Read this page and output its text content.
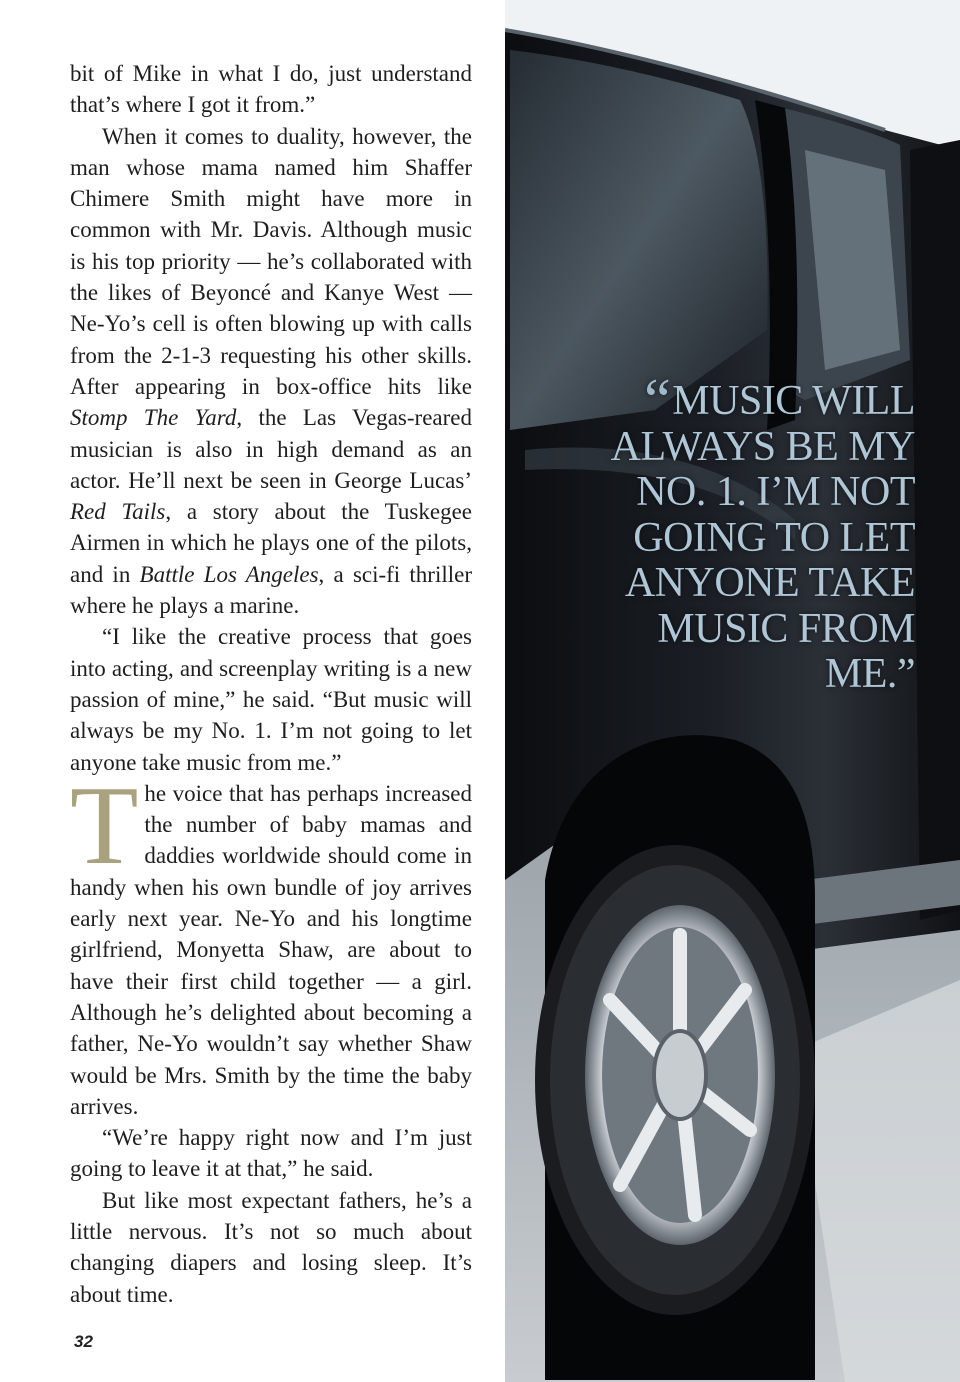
bit of Mike in what I do, just understand that’s where I got it from.”

When it comes to duality, however, the man whose mama named him Shaffer Chimere Smith might have more in common with Mr. Davis. Although music is his top priority — he’s collaborated with the likes of Beyoncé and Kanye West — Ne-Yo’s cell is often blowing up with calls from the 2-1-3 requesting his other skills. After appearing in box-office hits like Stomp The Yard, the Las Vegas-reared musician is also in high demand as an actor. He’ll next be seen in George Lucas’ Red Tails, a story about the Tuskegee Airmen in which he plays one of the pilots, and in Battle Los Angeles, a sci-fi thriller where he plays a marine.

“I like the creative process that goes into acting, and screenplay writing is a new passion of mine,” he said. “But music will always be my No. 1. I’m not going to let anyone take music from me.”

The voice that has perhaps increased the number of baby mamas and daddies worldwide should come in handy when his own bundle of joy arrives early next year. Ne-Yo and his longtime girlfriend, Monyetta Shaw, are about to have their first child together — a girl. Although he’s delighted about becoming a father, Ne-Yo wouldn’t say whether Shaw would be Mrs. Smith by the time the baby arrives.

“We’re happy right now and I’m just going to leave it at that,” he said.

But like most expectant fathers, he’s a little nervous. It’s not so much about changing diapers and losing sleep. It’s about time.

32
“MUSIC WILL ALWAYS BE MY NO. 1. I’M NOT GOING TO LET ANYONE TAKE MUSIC FROM ME.”
